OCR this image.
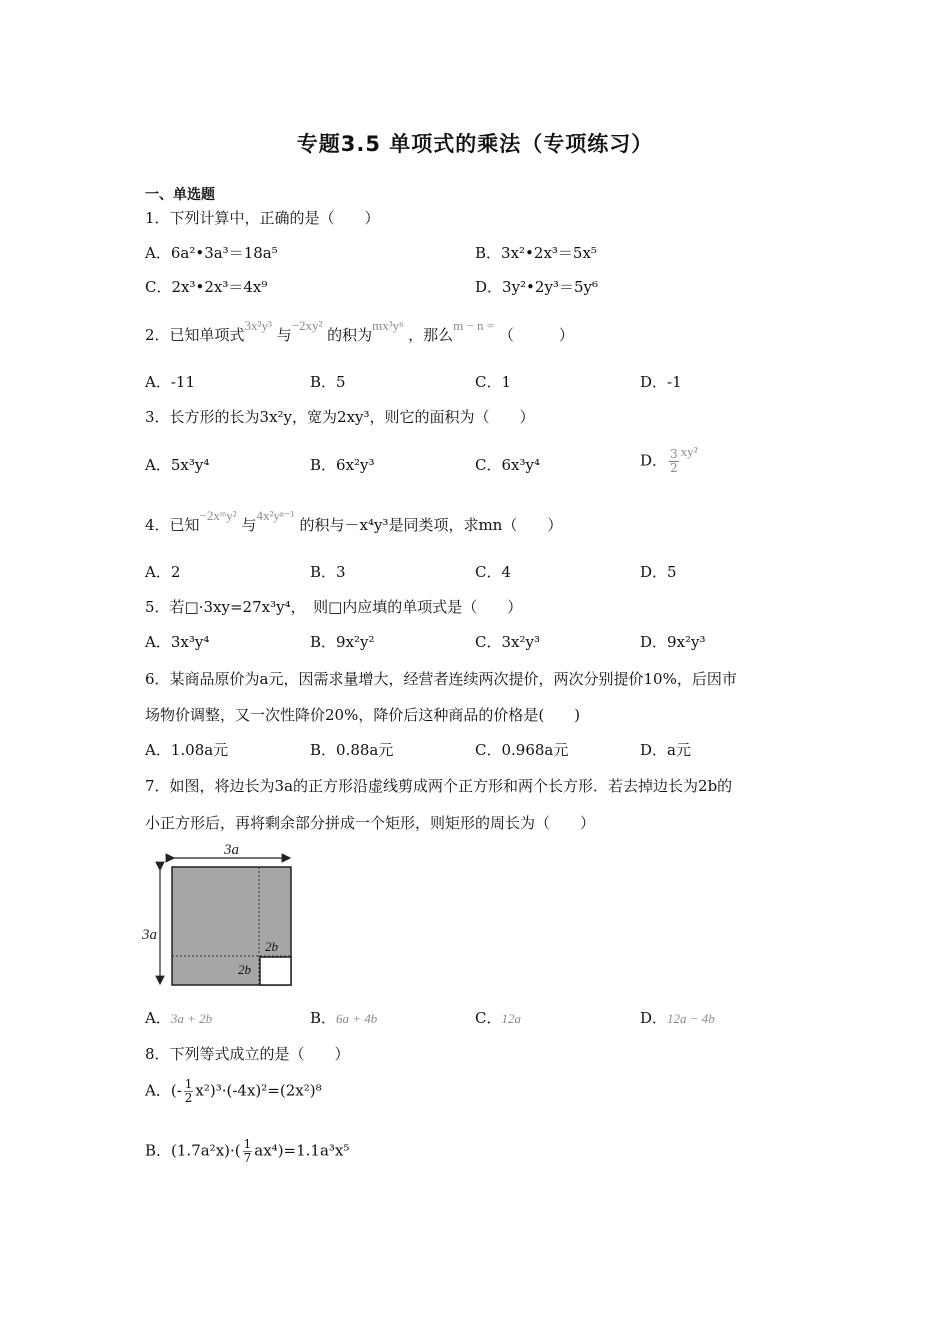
专题3.5 单项式的乘法（专项练习）
一、单选题
1．下列计算中，正确的是（　　）
A．6a²•3a³＝18a⁵	B．3x²•2x³＝5x⁵
C．2x³•2x³＝4x⁹	D．3y²•2y³＝5y⁶
2．已知单项式3x²y³ 与−2xy² 的积为mx³yⁿ ，那么m − n = （　　　）
A．-11	B．5	C．1	D．-1
3．长方形的长为3x²y，宽为2xy³，则它的面积为（　　）
A．5x³y⁴	B．6x²y³	C．6x³y⁴	D． $\frac{3}{2} xy^2$
4．已知−2xᵐy² 与4x²yⁿ⁻¹ 的积与－x⁴y³是同类项，求mn（　　）
A．2	B．3	C．4	D．5
5．若□·3xy=27x³y⁴，　则□内应填的单项式是（　　）
A．3x³y⁴	B．9x²y²	C．3x²y³	D．9x²y³
6．某商品原价为a元，因需求量增大，经营者连续两次提价，两次分别提价10%，后因市
场物价调整，又一次性降价20%，降价后这种商品的价格是(　　)
A．1.08a元	B．0.88a元	C．0.968a元	D．a元
7．如图，将边长为3a的正方形沿虚线剪成两个正方形和两个长方形．若去掉边长为2b的
小正方形后，再将剩余部分拼成一个矩形，则矩形的周长为（　　）
3a
3a
2b
2b
A．3a + 2b	B．6a + 4b	C．12a	D．12a − 4b
8．下列等式成立的是（　　）
A．(- $\frac{1}{2} x^2)^3\cdot(-4x)^2=(2x^2)^8$
B．$(1.7a^2x)\cdot( \frac{1}{7} ax^4)=1.1a^3x^5$
